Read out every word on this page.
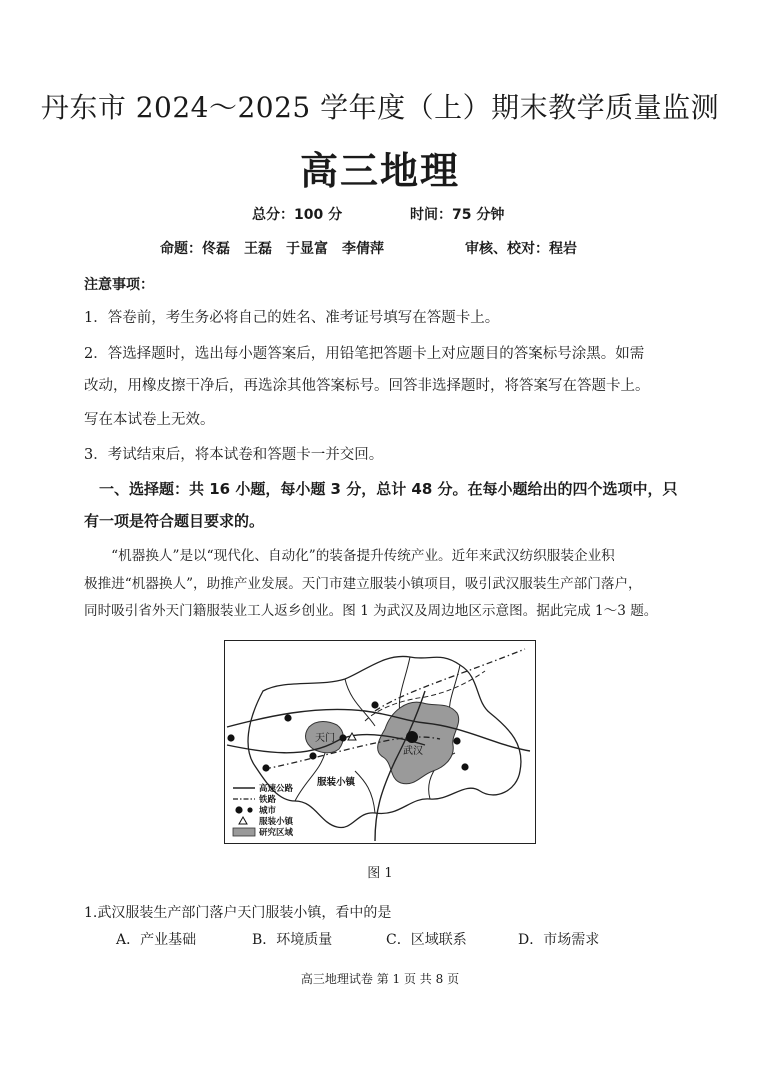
丹东市 2024～2025 学年度（上）期末教学质量监测
高三地理
总分：100 分	时间：75 分钟
命题：佟磊　王磊　于显富　李倩萍	审核、校对：程岩
注意事项：
1．答卷前，考生务必将自己的姓名、准考证号填写在答题卡上。
2．答选择题时，选出每小题答案后，用铅笔把答题卡上对应题目的答案标号涂黑。如需
改动，用橡皮擦干净后，再选涂其他答案标号。回答非选择题时，将答案写在答题卡上。
写在本试卷上无效。
3．考试结束后，将本试卷和答题卡一并交回。
　一、选择题：共 16 小题，每小题 3 分，总计 48 分。在每小题给出的四个选项中，只
有一项是符合题目要求的。
　　“机器换人”是以“现代化、自动化”的装备提升传统产业。近年来武汉纺织服装企业积
极推进“机器换人”，助推产业发展。天门市建立服装小镇项目，吸引武汉服装生产部门落户，
同时吸引省外天门籍服装业工人返乡创业。图 1 为武汉及周边地区示意图。据此完成 1～3 题。
天门
武汉
服装小镇
高速公路
铁路
城市
服装小镇
研究区域
图 1
1.武汉服装生产部门落户天门服装小镇，看中的是
A．产业基础	B．环境质量	C．区域联系	D．市场需求
高三地理试卷 第 1 页 共 8 页
